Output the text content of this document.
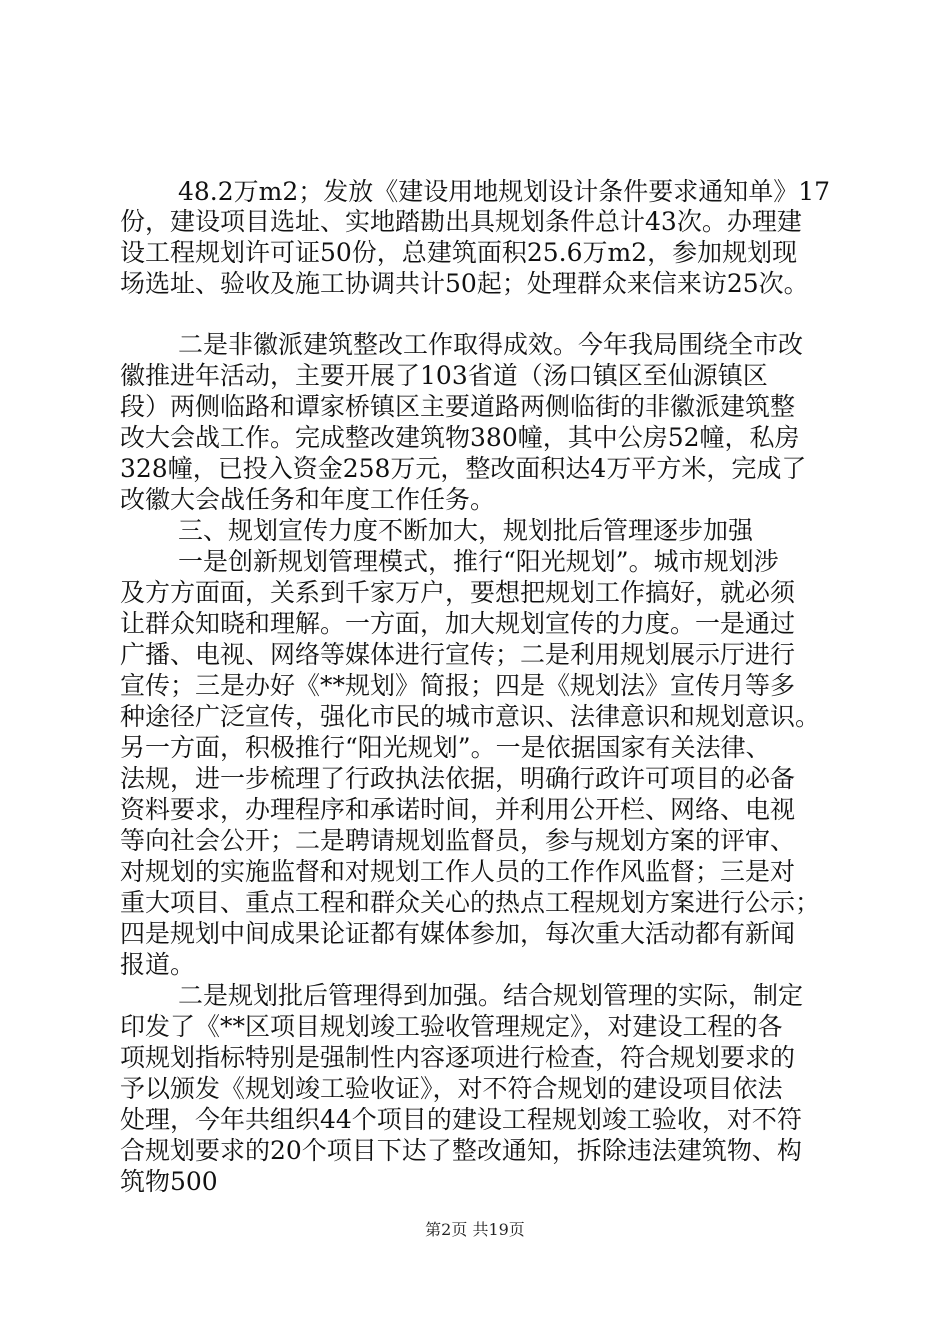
48.2万m2；发放《建设用地规划设计条件要求通知单》17
份，建设项目选址、实地踏勘出具规划条件总计43次。办理建
设工程规划许可证50份，总建筑面积25.6万m2，参加规划现
场选址、验收及施工协调共计50起；处理群众来信来访25次。
二是非徽派建筑整改工作取得成效。今年我局围绕全市改
徽推进年活动，主要开展了103省道（汤口镇区至仙源镇区
段）两侧临路和谭家桥镇区主要道路两侧临街的非徽派建筑整
改大会战工作。完成整改建筑物380幢，其中公房52幢，私房
328幢，已投入资金258万元，整改面积达4万平方米，完成了
改徽大会战任务和年度工作任务。
三、规划宣传力度不断加大，规划批后管理逐步加强
一是创新规划管理模式，推行“阳光规划”。城市规划涉
及方方面面，关系到千家万户，要想把规划工作搞好，就必须
让群众知晓和理解。一方面，加大规划宣传的力度。一是通过
广播、电视、网络等媒体进行宣传；二是利用规划展示厅进行
宣传；三是办好《**规划》简报；四是《规划法》宣传月等多
种途径广泛宣传，强化市民的城市意识、法律意识和规划意识。
另一方面，积极推行“阳光规划”。一是依据国家有关法律、
法规，进一步梳理了行政执法依据，明确行政许可项目的必备
资料要求，办理程序和承诺时间，并利用公开栏、网络、电视
等向社会公开；二是聘请规划监督员，参与规划方案的评审、
对规划的实施监督和对规划工作人员的工作作风监督；三是对
重大项目、重点工程和群众关心的热点工程规划方案进行公示；
四是规划中间成果论证都有媒体参加，每次重大活动都有新闻
报道。
二是规划批后管理得到加强。结合规划管理的实际，制定
印发了《**区项目规划竣工验收管理规定》，对建设工程的各
项规划指标特别是强制性内容逐项进行检查，符合规划要求的
予以颁发《规划竣工验收证》，对不符合规划的建设项目依法
处理，今年共组织44个项目的建设工程规划竣工验收，对不符
合规划要求的20个项目下达了整改通知，拆除违法建筑物、构
筑物500
第2页 共19页
